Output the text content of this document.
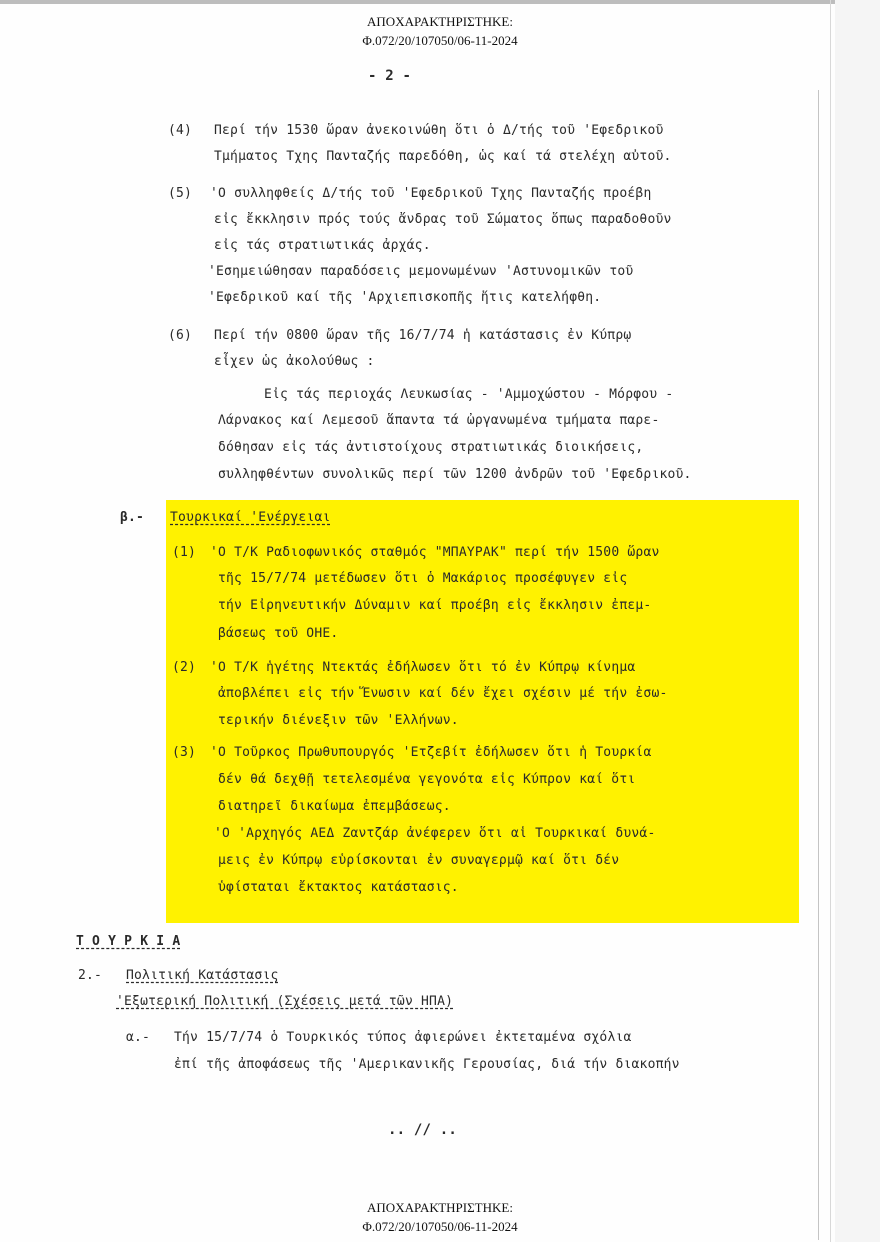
ΑΠΟΧΑΡΑΚΤΗΡΙΣΤΗΚΕ:
Φ.072/20/107050/06-11-2024
- 2 -
(4) Περί τήν 1530 ὥραν ἀνεκοινώθη ὅτι ὁ Δ/τής τοῦ 'Εφεδρικοῦ
Τμήματος Τχης Πανταζής παρεδόθη, ὡς καί τά στελέχη αὐτοῦ.
(5) 'Ο συλληφθείς Δ/τής τοῦ 'Εφεδρικοῦ Τχης Πανταζής προέβη
εἰς ἔκκλησιν πρός τούς ἄνδρας τοῦ Σώματος ὅπως παραδοθοῦν
εἰς τάς στρατιωτικάς ἀρχάς.
'Εσημειώθησαν παραδόσεις μεμονωμένων 'Αστυνομικῶν τοῦ
'Εφεδρικοῦ καί τῆς 'Αρχιεπισκοπῆς ἥτις κατελήφθη.
(6) Περί τήν 0800 ὥραν τῆς 16/7/74 ἡ κατάστασις ἐν Κύπρῳ
εἶχεν ὡς ἀκολούθως :
Εἰς τάς περιοχάς Λευκωσίας - 'Αμμοχώστου - Μόρφου -
Λάρνακος καί Λεμεσοῦ ἅπαντα τά ὠργανωμένα τμήματα παρε-
δόθησαν εἰς τάς ἀντιστοίχους στρατιωτικάς διοικήσεις,
συλληφθέντων συνολικῶς περί τῶν 1200 ἀνδρῶν τοῦ 'Εφεδρικοῦ.
β.- Τουρκικαί 'Ενέργειαι
(1) 'Ο Τ/Κ Ραδιοφωνικός σταθμός "ΜΠΑΥΡΑΚ" περί τήν 1500 ὥραν
τῆς 15/7/74 μετέδωσεν ὅτι ὁ Μακάριος προσέφυγεν εἰς
τήν Εἰρηνευτικήν Δύναμιν καί προέβη εἰς ἔκκλησιν ἐπεμ-
βάσεως τοῦ ΟΗΕ.
(2) 'Ο Τ/Κ ἡγέτης Ντεκτάς ἐδήλωσεν ὅτι τό ἐν Κύπρῳ κίνημα
ἀποβλέπει εἰς τήν Ἕνωσιν καί δέν ἔχει σχέσιν μέ τήν ἐσω-
τερικήν διένεξιν τῶν 'Ελλήνων.
(3) 'Ο Τοῦρκος Πρωθυπουργός 'Ετζεβίτ ἐδήλωσεν ὅτι ἡ Τουρκία
δέν θά δεχθῇ τετελεσμένα γεγονότα εἰς Κύπρον καί ὅτι
διατηρεῖ δικαίωμα ἐπεμβάσεως.
'Ο 'Αρχηγός ΑΕΔ Ζαντζάρ ἀνέφερεν ὅτι αἱ Τουρκικαί δυνά-
μεις ἐν Κύπρῳ εὑρίσκονται ἐν συναγερμῷ καί ὅτι δέν
ὑφίσταται ἔκτακτος κατάστασις.
Τ Ο Υ Ρ Κ Ι Α
2.- Πολιτική Κατάστασις
'Εξωτερική Πολιτική (Σχέσεις μετά τῶν ΗΠΑ)
α.- Τήν 15/7/74 ὁ Τουρκικός τύπος ἀφιερώνει ἐκτεταμένα σχόλια
ἐπί τῆς ἀποφάσεως τῆς 'Αμερικανικῆς Γερουσίας, διά τήν διακοπήν
.. // ..
ΑΠΟΧΑΡΑΚΤΗΡΙΣΤΗΚΕ:
Φ.072/20/107050/06-11-2024
